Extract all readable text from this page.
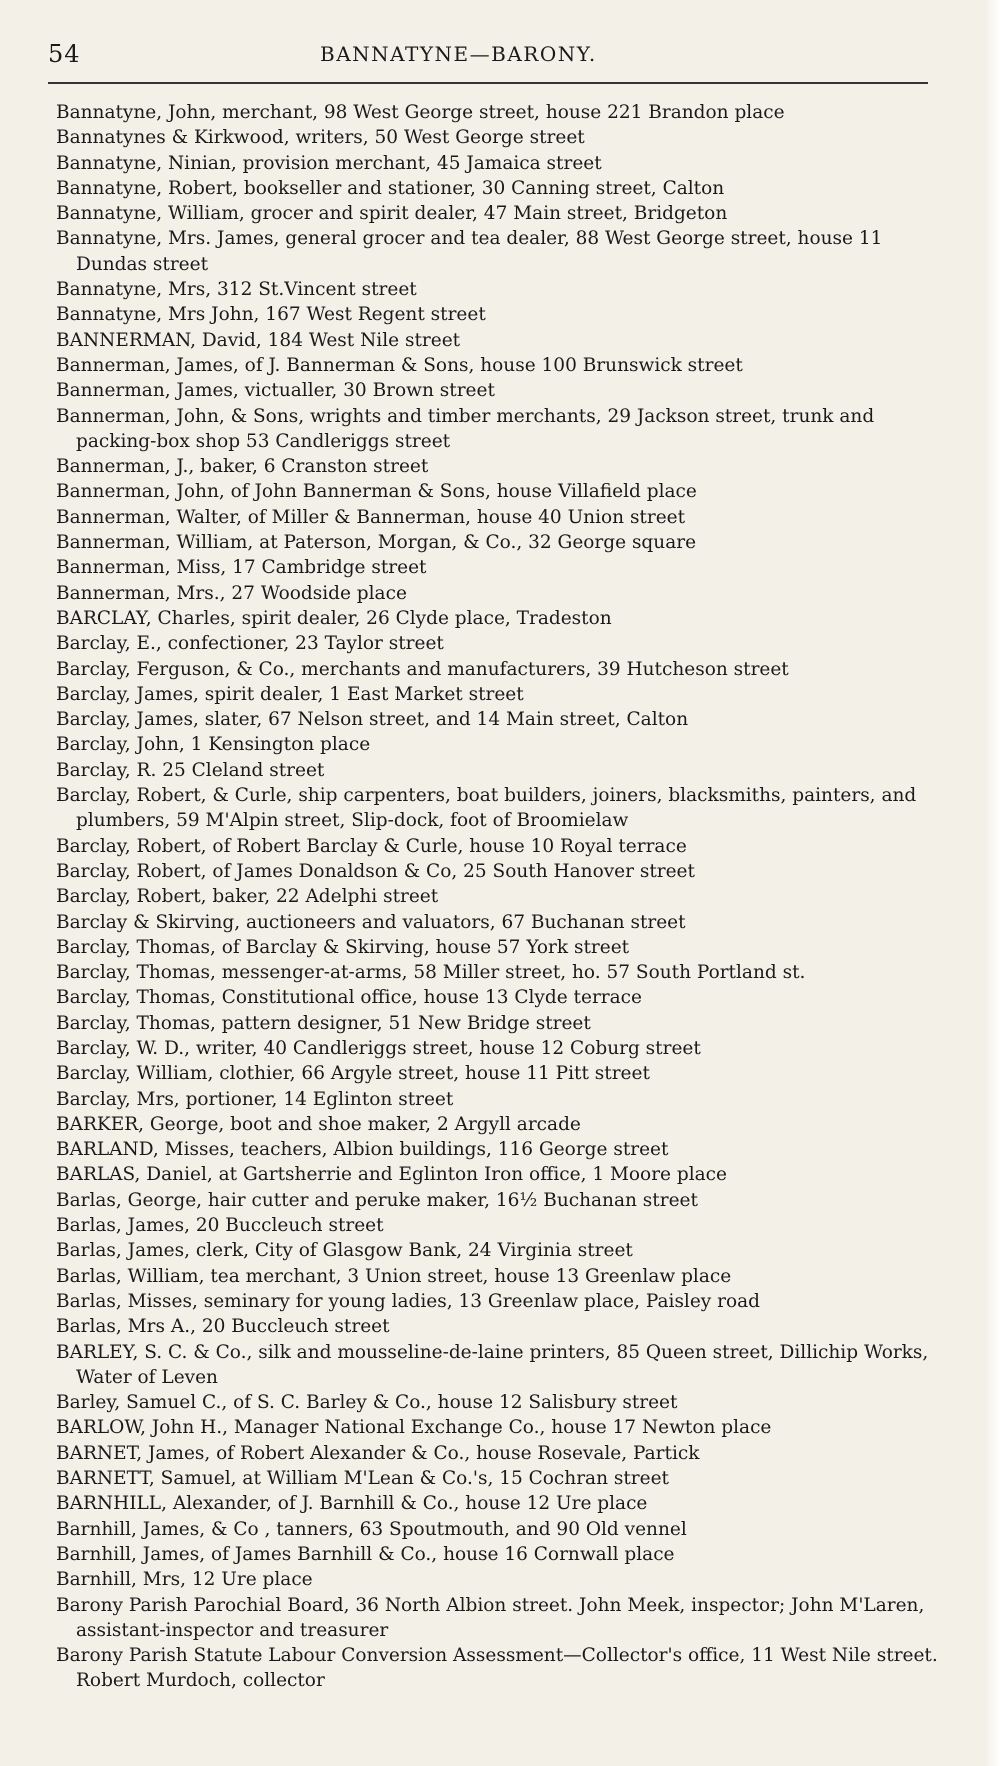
54	BANNATYNE—BARONY.
Bannatyne, John, merchant, 98 West George street, house 221 Brandon place
Bannatynes & Kirkwood, writers, 50 West George street
Bannatyne, Ninian, provision merchant, 45 Jamaica street
Bannatyne, Robert, bookseller and stationer, 30 Canning street, Calton
Bannatyne, William, grocer and spirit dealer, 47 Main street, Bridgeton
Bannatyne, Mrs. James, general grocer and tea dealer, 88 West George street, house 11 Dundas street
Bannatyne, Mrs, 312 St.Vincent street
Bannatyne, Mrs John, 167 West Regent street
BANNERMAN, David, 184 West Nile street
Bannerman, James, of J. Bannerman & Sons, house 100 Brunswick street
Bannerman, James, victualler, 30 Brown street
Bannerman, John, & Sons, wrights and timber merchants, 29 Jackson street, trunk and packing-box shop 53 Candleriggs street
Bannerman, J., baker, 6 Cranston street
Bannerman, John, of John Bannerman & Sons, house Villafield place
Bannerman, Walter, of Miller & Bannerman, house 40 Union street
Bannerman, William, at Paterson, Morgan, & Co., 32 George square
Bannerman, Miss, 17 Cambridge street
Bannerman, Mrs., 27 Woodside place
BARCLAY, Charles, spirit dealer, 26 Clyde place, Tradeston
Barclay, E., confectioner, 23 Taylor street
Barclay, Ferguson, & Co., merchants and manufacturers, 39 Hutcheson street
Barclay, James, spirit dealer, 1 East Market street
Barclay, James, slater, 67 Nelson street, and 14 Main street, Calton
Barclay, John, 1 Kensington place
Barclay, R. 25 Cleland street
Barclay, Robert, & Curle, ship carpenters, boat builders, joiners, blacksmiths, painters, and plumbers, 59 M'Alpin street, Slip-dock, foot of Broomielaw
Barclay, Robert, of Robert Barclay & Curle, house 10 Royal terrace
Barclay, Robert, of James Donaldson & Co, 25 South Hanover street
Barclay, Robert, baker, 22 Adelphi street
Barclay & Skirving, auctioneers and valuators, 67 Buchanan street
Barclay, Thomas, of Barclay & Skirving, house 57 York street
Barclay, Thomas, messenger-at-arms, 58 Miller street, ho. 57 South Portland st.
Barclay, Thomas, Constitutional office, house 13 Clyde terrace
Barclay, Thomas, pattern designer, 51 New Bridge street
Barclay, W. D., writer, 40 Candleriggs street, house 12 Coburg street
Barclay, William, clothier, 66 Argyle street, house 11 Pitt street
Barclay, Mrs, portioner, 14 Eglinton street
BARKER, George, boot and shoe maker, 2 Argyll arcade
BARLAND, Misses, teachers, Albion buildings, 116 George street
BARLAS, Daniel, at Gartsherrie and Eglinton Iron office, 1 Moore place
Barlas, George, hair cutter and peruke maker, 16½ Buchanan street
Barlas, James, 20 Buccleuch street
Barlas, James, clerk, City of Glasgow Bank, 24 Virginia street
Barlas, William, tea merchant, 3 Union street, house 13 Greenlaw place
Barlas, Misses, seminary for young ladies, 13 Greenlaw place, Paisley road
Barlas, Mrs A., 20 Buccleuch street
BARLEY, S. C. & Co., silk and mousseline-de-laine printers, 85 Queen street, Dillichip Works, Water of Leven
Barley, Samuel C., of S. C. Barley & Co., house 12 Salisbury street
BARLOW, John H., Manager National Exchange Co., house 17 Newton place
BARNET, James, of Robert Alexander & Co., house Rosevale, Partick
BARNETT, Samuel, at William M'Lean & Co.'s, 15 Cochran street
BARNHILL, Alexander, of J. Barnhill & Co., house 12 Ure place
Barnhill, James, & Co , tanners, 63 Spoutmouth, and 90 Old vennel
Barnhill, James, of James Barnhill & Co., house 16 Cornwall place
Barnhill, Mrs, 12 Ure place
Barony Parish Parochial Board, 36 North Albion street. John Meek, inspector; John M'Laren, assistant-inspector and treasurer
Barony Parish Statute Labour Conversion Assessment—Collector's office, 11 West Nile street. Robert Murdoch, collector
